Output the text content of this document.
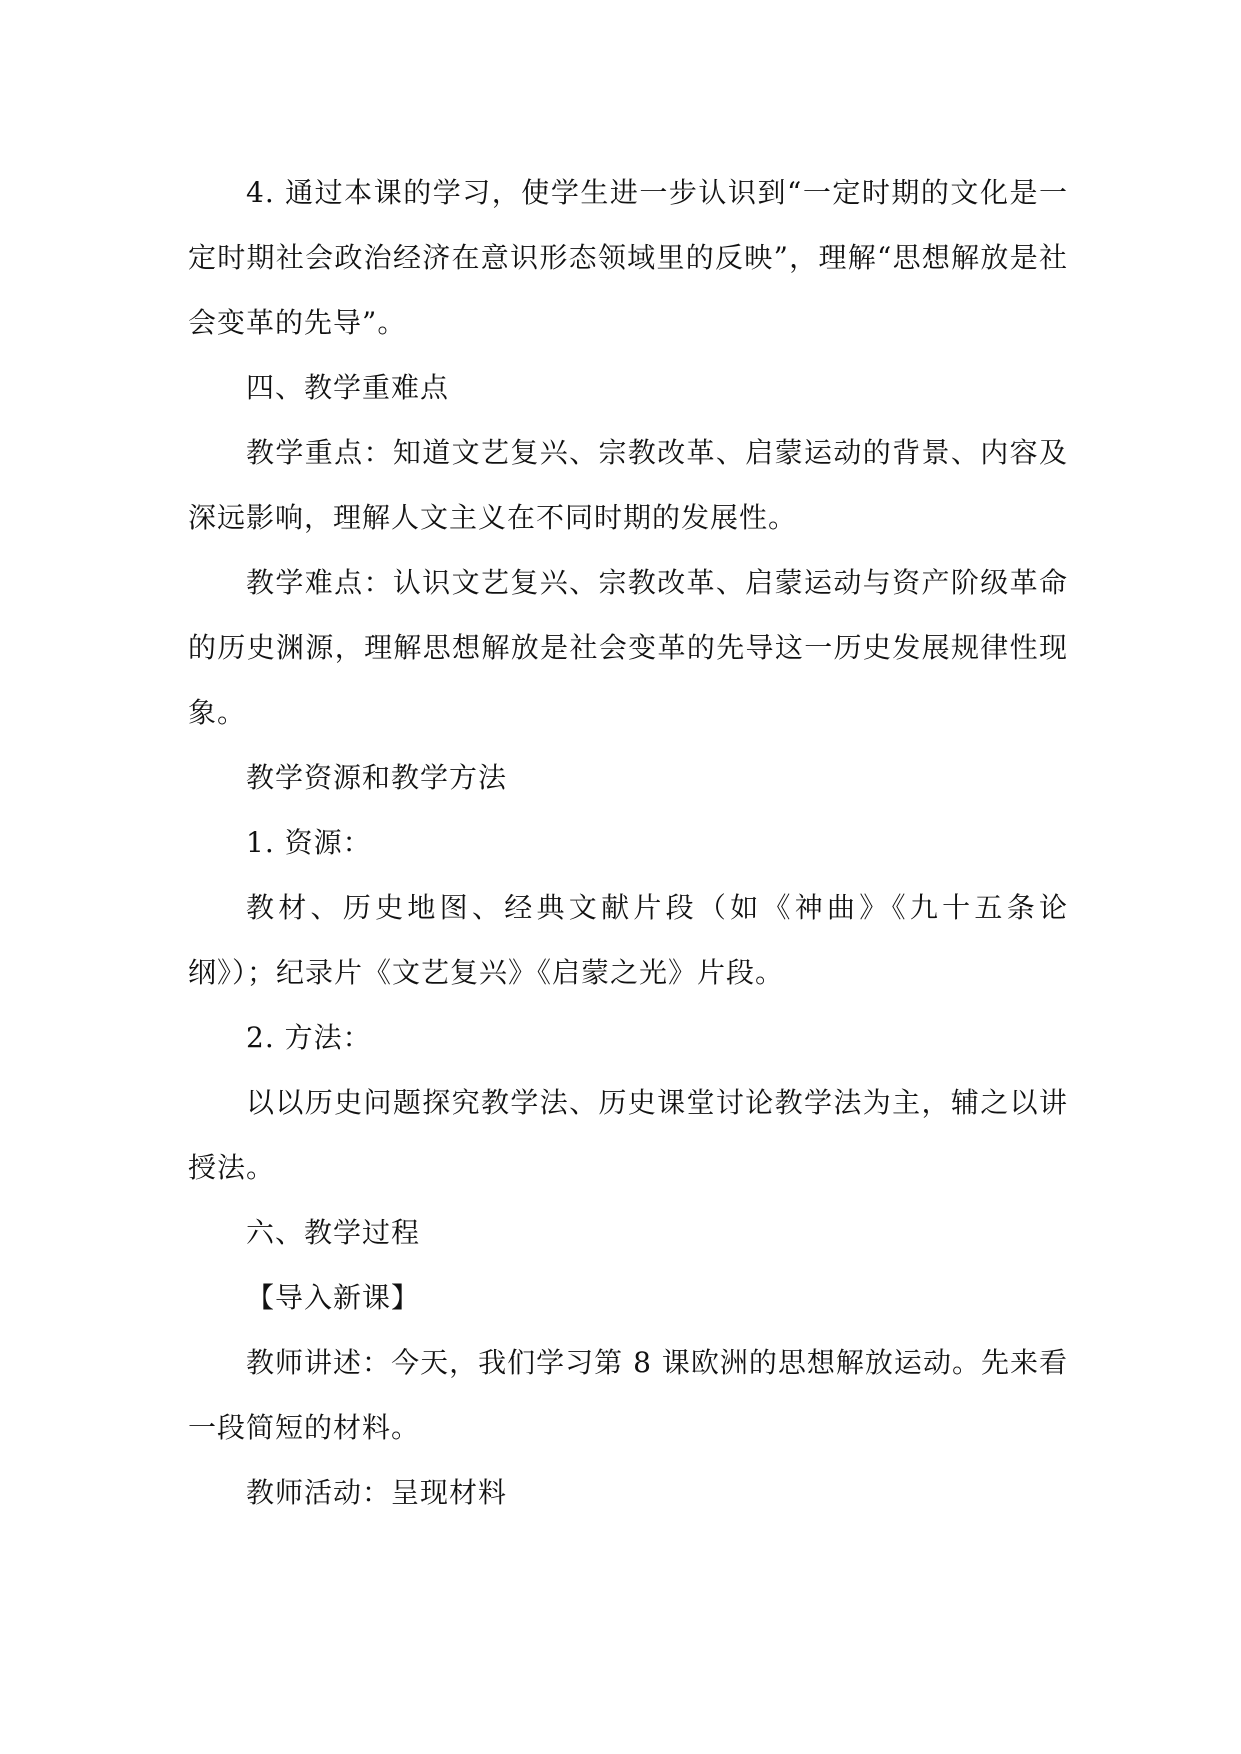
4. 通过本课的学习，使学生进一步认识到“一定时期的文化是一定时期社会政治经济在意识形态领域里的反映”，理解“思想解放是社会变革的先导”。

四、教学重难点

教学重点：知道文艺复兴、宗教改革、启蒙运动的背景、内容及深远影响，理解人文主义在不同时期的发展性。

教学难点：认识文艺复兴、宗教改革、启蒙运动与资产阶级革命的历史渊源，理解思想解放是社会变革的先导这一历史发展规律性现象。

教学资源和教学方法

1. 资源：

教材、历史地图、经典文献片段（如《神曲》《九十五条论纲》）；纪录片《文艺复兴》《启蒙之光》片段。

2. 方法：

以以历史问题探究教学法、历史课堂讨论教学法为主，辅之以讲授法。

六、教学过程

【导入新课】

教师讲述：今天，我们学习第 8 课欧洲的思想解放运动。先来看一段简短的材料。

教师活动：呈现材料
